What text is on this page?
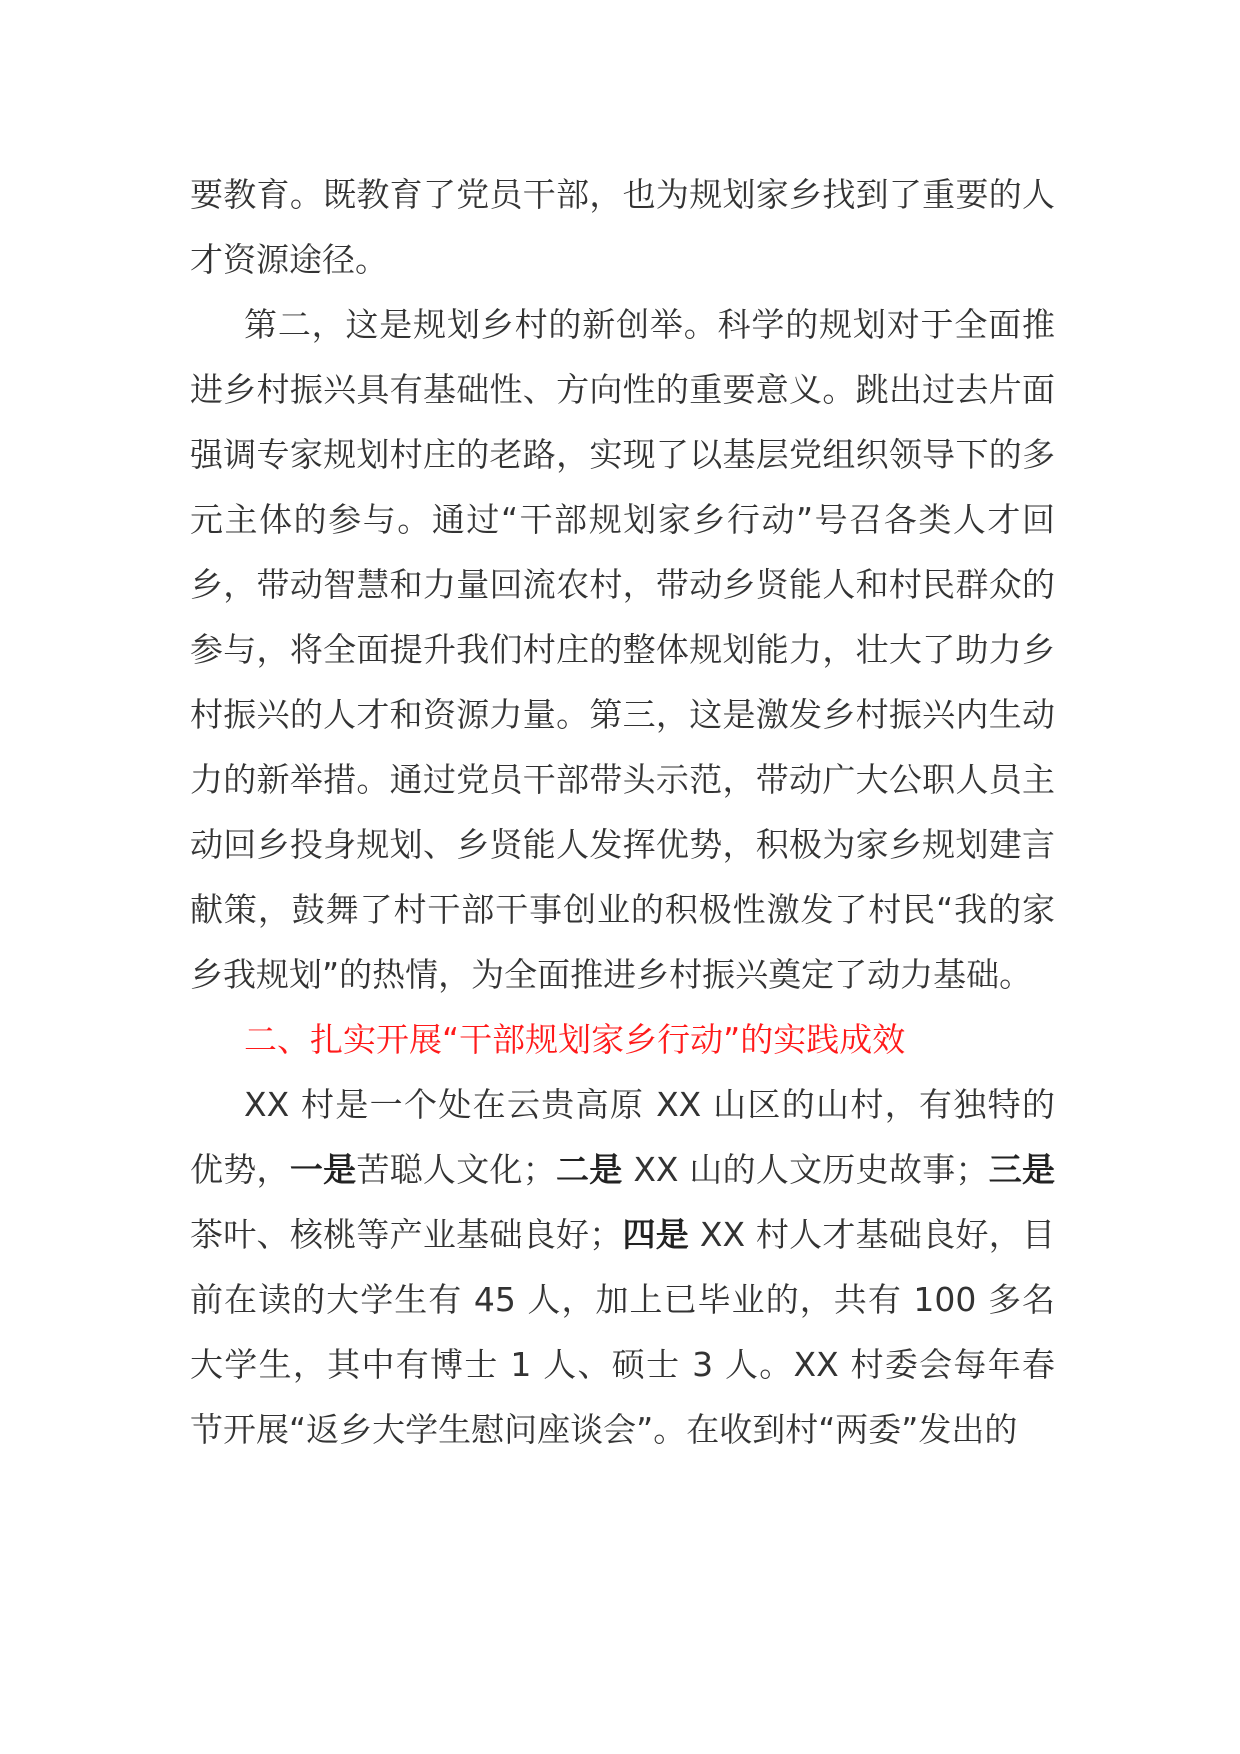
要教育。既教育了党员干部，也为规划家乡找到了重要的人才资源途径。

第二，这是规划乡村的新创举。科学的规划对于全面推进乡村振兴具有基础性、方向性的重要意义。跳出过去片面强调专家规划村庄的老路，实现了以基层党组织领导下的多元主体的参与。通过“干部规划家乡行动”号召各类人才回乡，带动智慧和力量回流农村，带动乡贤能人和村民群众的参与，将全面提升我们村庄的整体规划能力，壮大了助力乡村振兴的人才和资源力量。第三，这是激发乡村振兴内生动力的新举措。通过党员干部带头示范，带动广大公职人员主动回乡投身规划、乡贤能人发挥优势，积极为家乡规划建言献策，鼓舞了村干部干事创业的积极性激发了村民“我的家乡我规划”的热情，为全面推进乡村振兴奠定了动力基础。

二、扎实开展“干部规划家乡行动”的实践成效

XX 村是一个处在云贵高原 XX 山区的山村，有独特的优势，一是苦聪人文化；二是 XX 山的人文历史故事；三是茶叶、核桃等产业基础良好；四是 XX 村人才基础良好，目前在读的大学生有 45 人，加上已毕业的，共有 100 多名大学生，其中有博士 1 人、硕士 3 人。XX 村委会每年春节开展“返乡大学生慰问座谈会”。在收到村“两委”发出的
